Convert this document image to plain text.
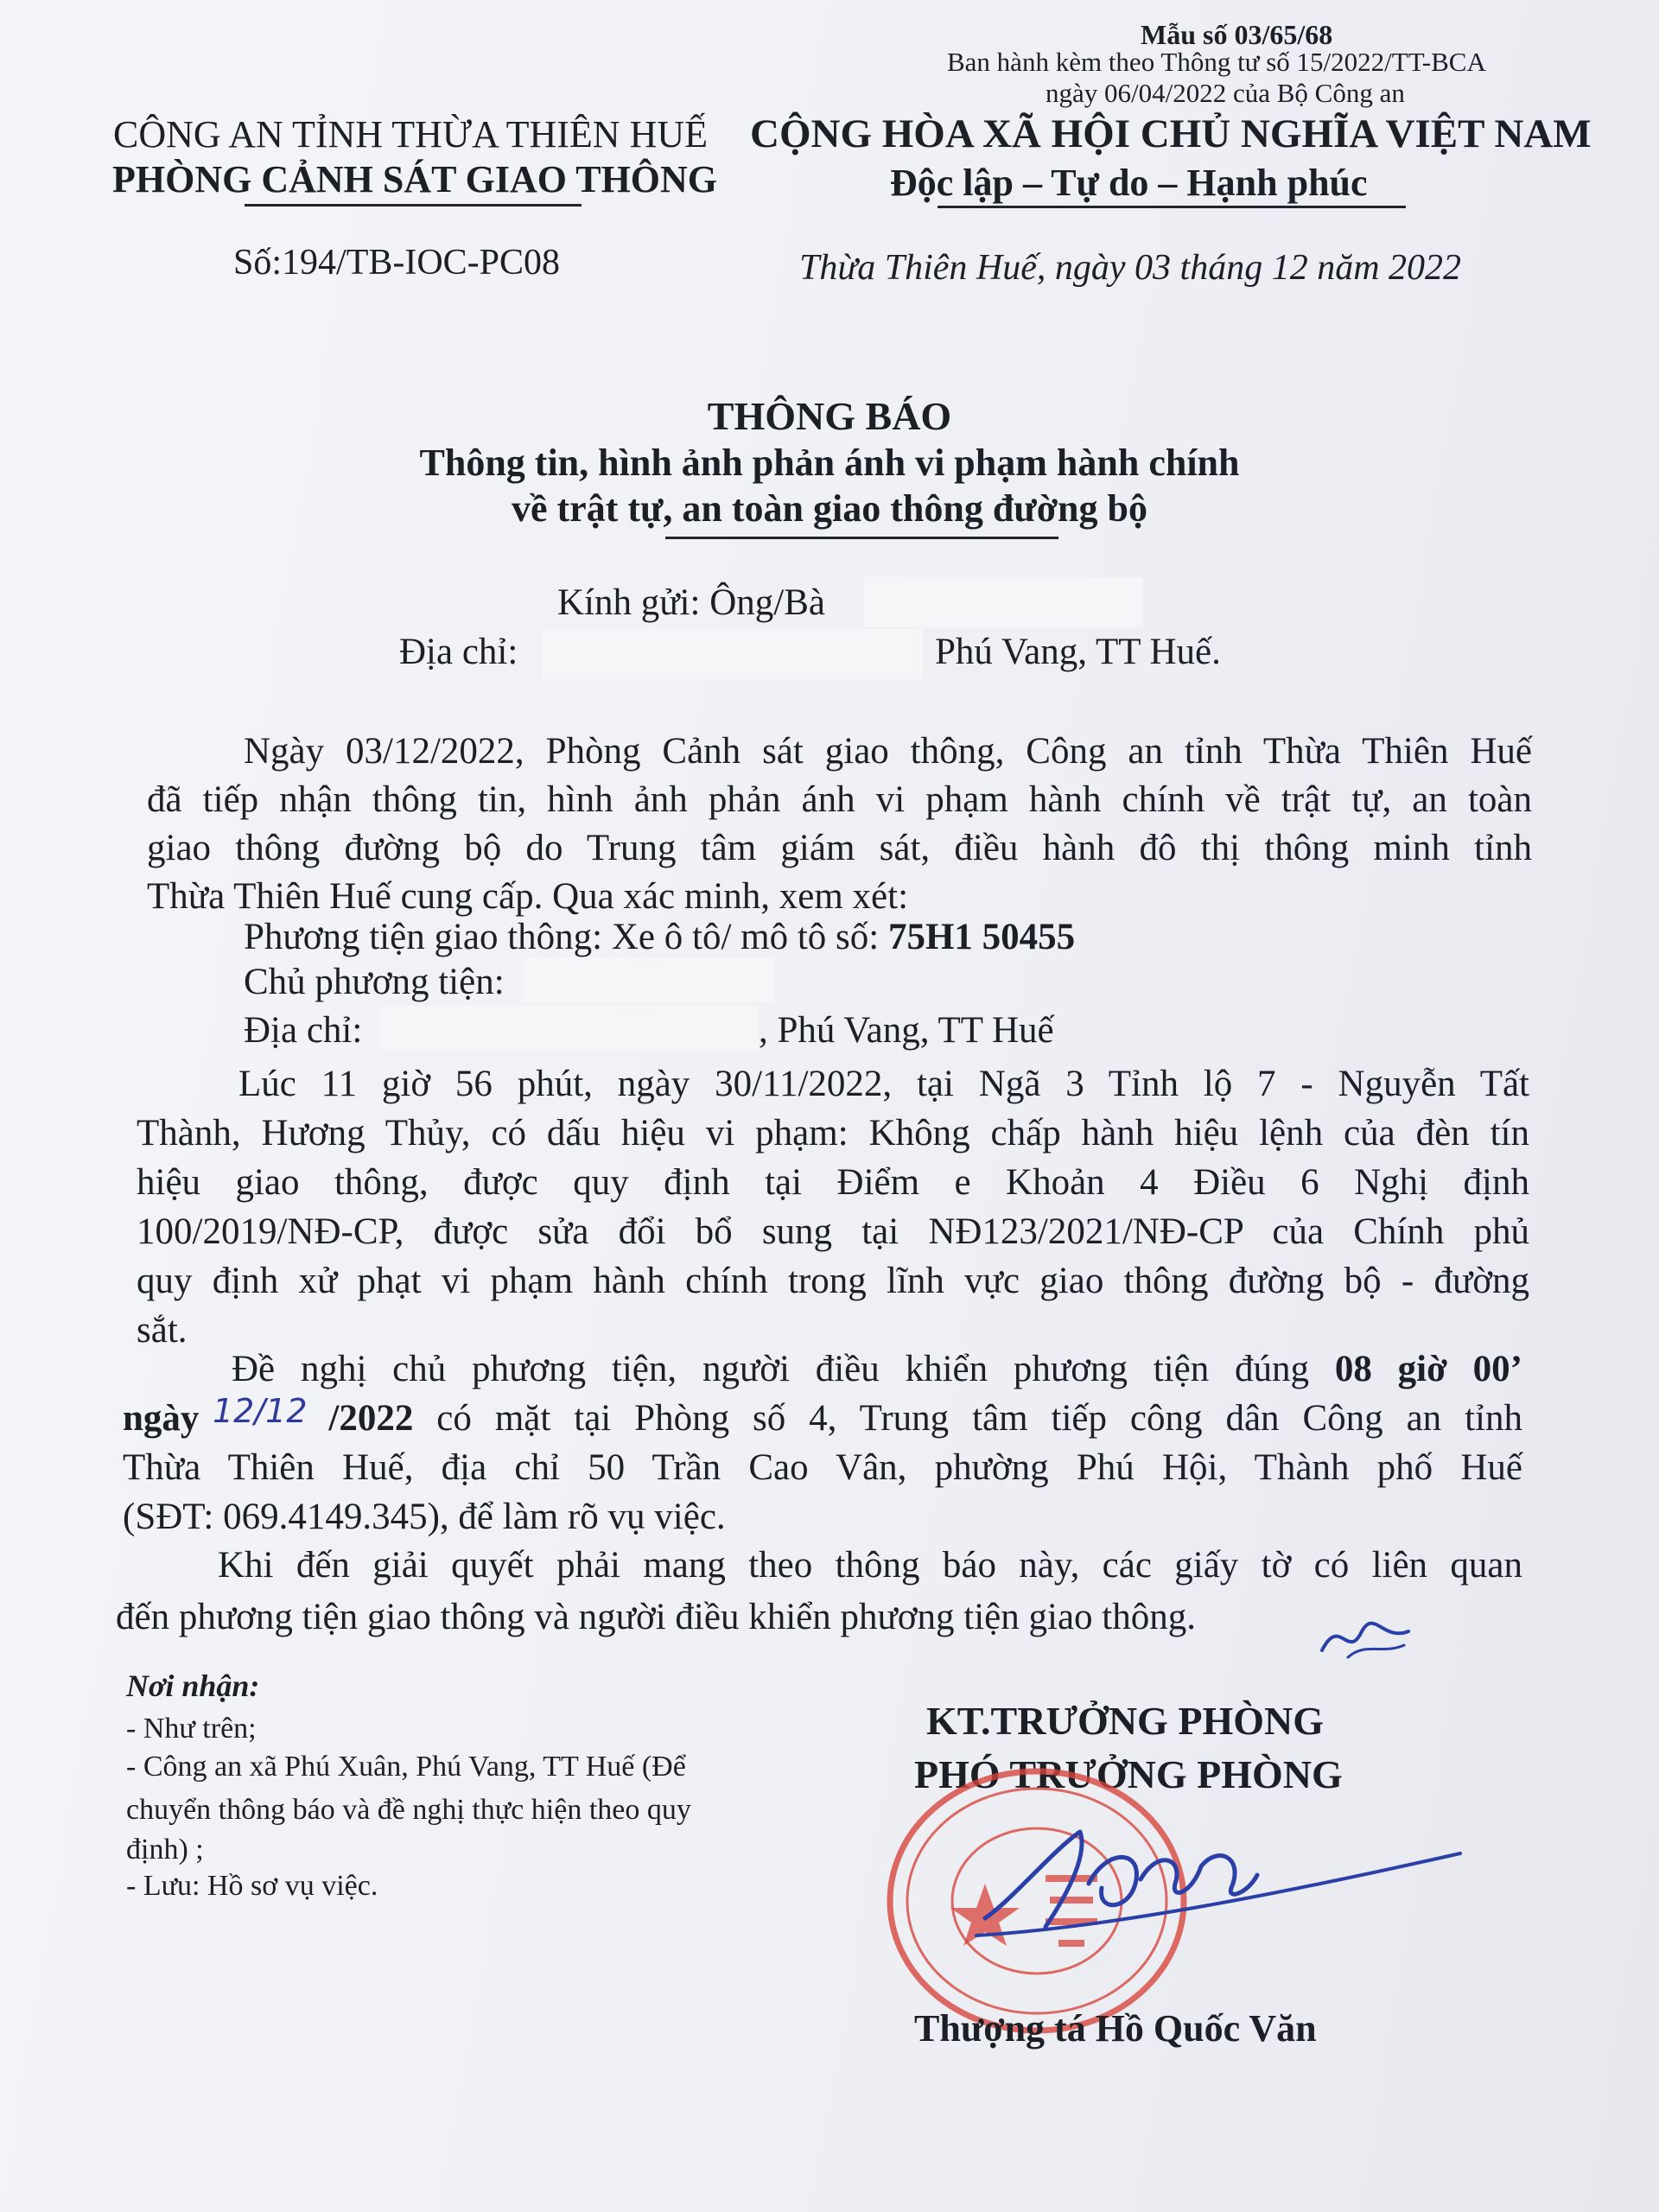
CÔNG AN TỈNH THỪA THIÊN HUẾ
PHÒNG CẢNH SÁT GIAO THÔNG
Số:194/TB-IOC-PC08
Mẫu số 03/65/68
Ban hành kèm theo Thông tư số 15/2022/TT-BCA
ngày 06/04/2022 của Bộ Công an
CỘNG HÒA XÃ HỘI CHỦ NGHĨA VIỆT NAM
Độc lập – Tự do – Hạnh phúc
Thừa Thiên Huế, ngày 03 tháng 12 năm 2022
THÔNG BÁO
Thông tin, hình ảnh phản ánh vi phạm hành chính
về trật tự, an toàn giao thông đường bộ
Kính gửi: Ông/Bà
Địa chỉ:	Phú Vang, TT Huế.
Ngày 03/12/2022, Phòng Cảnh sát giao thông, Công an tỉnh Thừa Thiên Huế
đã tiếp nhận thông tin, hình ảnh phản ánh vi phạm hành chính về trật tự, an toàn
giao thông đường bộ do Trung tâm giám sát, điều hành đô thị thông minh tỉnh
Thừa Thiên Huế cung cấp. Qua xác minh, xem xét:
Phương tiện giao thông: Xe ô tô/ mô tô số: 75H1 50455
Chủ phương tiện:
Địa chỉ:	, Phú Vang, TT Huế
Lúc 11 giờ 56 phút, ngày 30/11/2022, tại Ngã 3 Tỉnh lộ 7 - Nguyễn Tất
Thành, Hương Thủy, có dấu hiệu vi phạm: Không chấp hành hiệu lệnh của đèn tín
hiệu giao thông, được quy định tại Điểm e Khoản 4 Điều 6 Nghị định
100/2019/NĐ-CP, được sửa đổi bổ sung tại NĐ123/2021/NĐ-CP của Chính phủ
quy định xử phạt vi phạm hành chính trong lĩnh vực giao thông đường bộ - đường
sắt.
Đề nghị chủ phương tiện, người điều khiển phương tiện đúng 08 giờ 00’
ngày	/2022 có mặt tại Phòng số 4, Trung tâm tiếp công dân Công an tỉnh
Thừa Thiên Huế, địa chỉ 50 Trần Cao Vân, phường Phú Hội, Thành phố Huế
(SĐT: 069.4149.345), để làm rõ vụ việc.
12/12
Khi đến giải quyết phải mang theo thông báo này, các giấy tờ có liên quan
đến phương tiện giao thông và người điều khiển phương tiện giao thông.
Nơi nhận:
- Như trên;
- Công an xã Phú Xuân, Phú Vang, TT Huế (Để
chuyển thông báo và đề nghị thực hiện theo quy
định) ;
- Lưu: Hồ sơ vụ việc.
KT.TRƯỞNG PHÒNG
PHÓ TRƯỞNG PHÒNG
Thượng tá Hồ Quốc Văn
